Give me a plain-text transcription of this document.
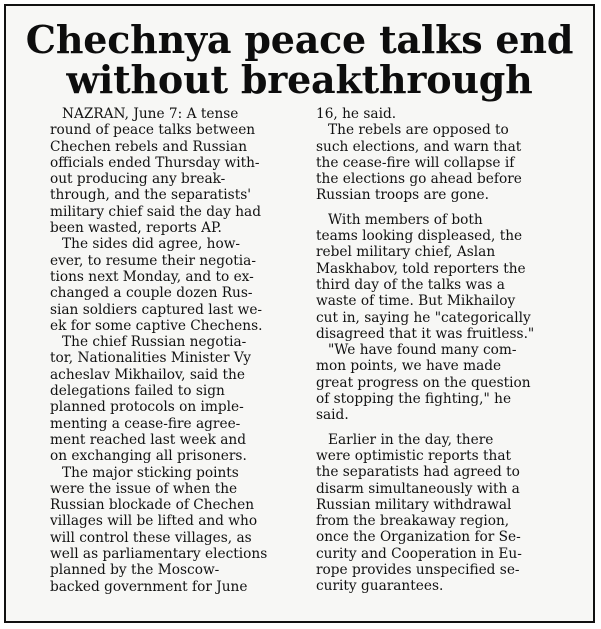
Chechnya peace talks end
without breakthrough

NAZRAN, June 7: A tense
round of peace talks between
Chechen rebels and Russian
officials ended Thursday with-
out producing any break-
through, and the separatists'
military chief said the day had
been wasted, reports AP.

The sides did agree, how-
ever, to resume their negotia-
tions next Monday, and to ex-
changed a couple dozen Rus-
sian soldiers captured last we-
ek for some captive Chechens.

The chief Russian negotia-
tor, Nationalities Minister Vy
acheslav Mikhailov, said the
delegations failed to sign
planned protocols on imple-
menting a cease-fire agree-
ment reached last week and
on exchanging all prisoners.

The major sticking points
were the issue of when the
Russian blockade of Chechen
villages will be lifted and who
will control these villages, as
well as parliamentary elections
planned by the Moscow-
backed government for June

16, he said.

The rebels are opposed to
such elections, and warn that
the cease-fire will collapse if
the elections go ahead before
Russian troops are gone.

With members of both
teams looking displeased, the
rebel military chief, Aslan
Maskhabov, told reporters the
third day of the talks was a
waste of time. But Mikhailoy
cut in, saying he "categorically
disagreed that it was fruitless."

"We have found many com-
mon points, we have made
great progress on the question
of stopping the fighting," he
said.

Earlier in the day, there
were optimistic reports that
the separatists had agreed to
disarm simultaneously with a
Russian military withdrawal
from the breakaway region,
once the Organization for Se-
curity and Cooperation in Eu-
rope provides unspecified se-
curity guarantees.
